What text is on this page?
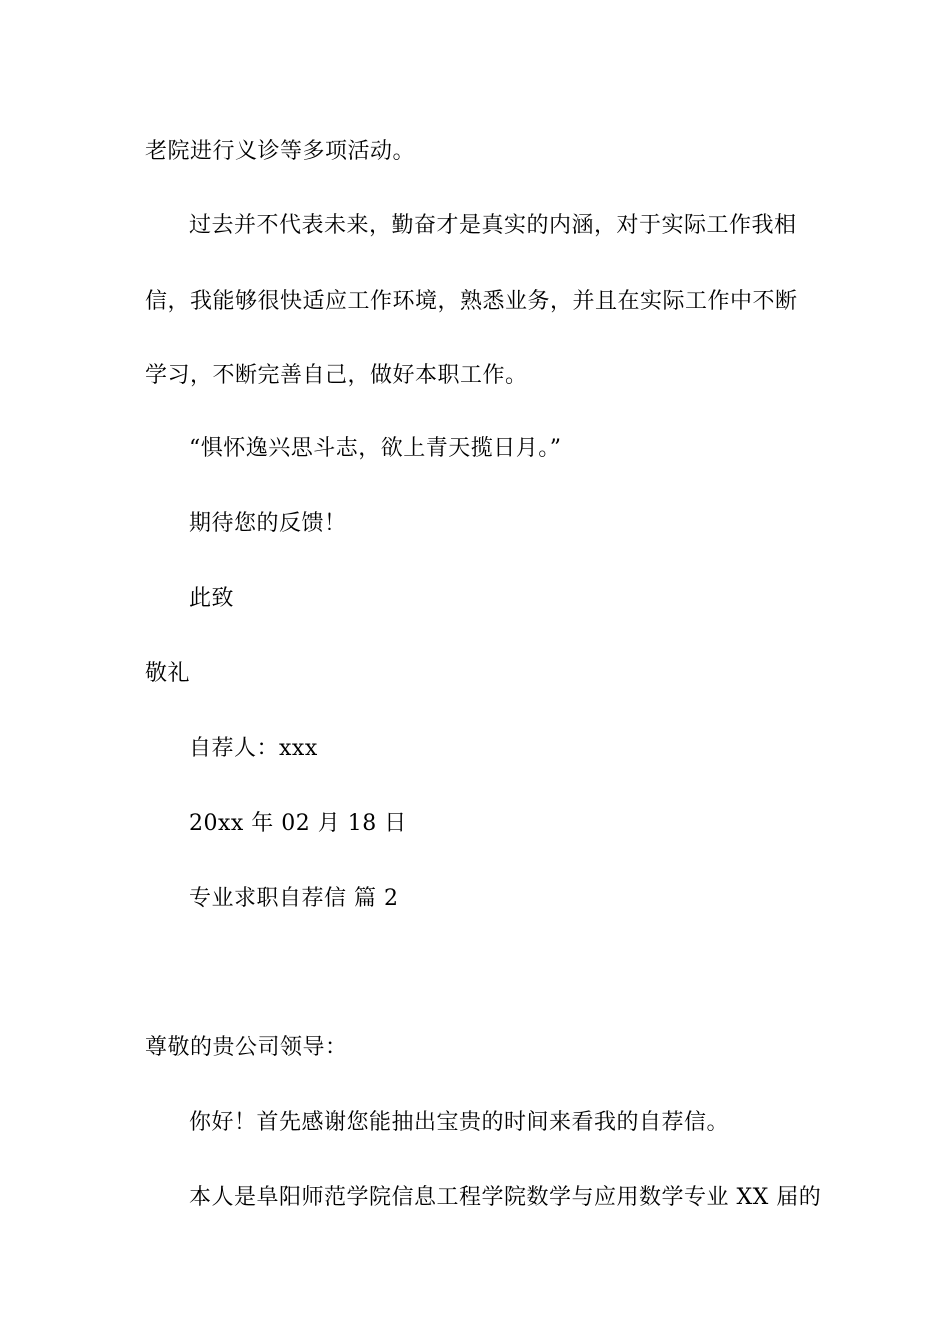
老院进行义诊等多项活动。
过去并不代表未来，勤奋才是真实的内涵，对于实际工作我相
信，我能够很快适应工作环境，熟悉业务，并且在实际工作中不断
学习，不断完善自己，做好本职工作。
“惧怀逸兴思斗志，欲上青天揽日月。”
期待您的反馈！
此致
敬礼
自荐人：xxx
20xx 年 02 月 18 日
专业求职自荐信 篇 2
尊敬的贵公司领导：
你好！首先感谢您能抽出宝贵的时间来看我的自荐信。
本人是阜阳师范学院信息工程学院数学与应用数学专业 XX 届的
